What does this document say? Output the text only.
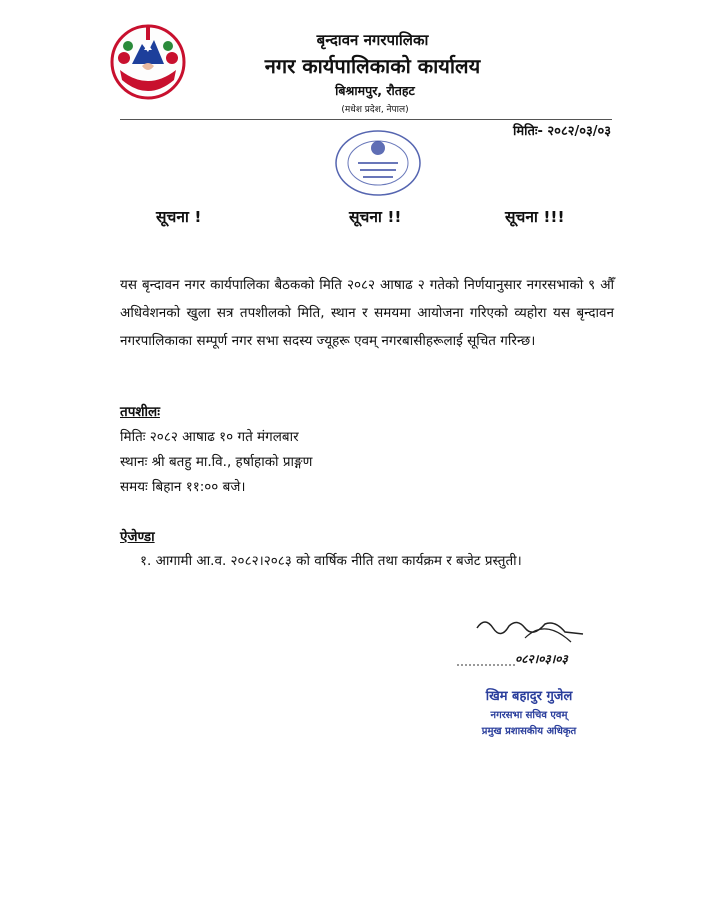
बृन्दावन नगरपालिका
नगर कार्यपालिकाको कार्यालय
बिश्रामपुर, रौतहट
(मधेश प्रदेश, नेपाल)
मितिः- २०८२/०३/०३
सूचना !	सूचना !!	सूचना !!!
यस बृन्दावन नगर कार्यपालिका बैठकको मिति २०८२ आषाढ २ गतेको निर्णयानुसार नगरसभाको ९ औँ अधिवेशनको खुला सत्र तपशीलको मिति, स्थान र समयमा आयोजना गरिएको व्यहोरा यस बृन्दावन नगरपालिकाका सम्पूर्ण नगर सभा सदस्य ज्यूहरू एवम् नगरबासीहरूलाई सूचित गरिन्छ।
तपशीलः
मितिः २०८२ आषाढ १० गते मंगलबार
स्थानः श्री बतहु मा.वि., हर्षाहाको प्राङ्गण
समयः बिहान ११:०० बजे।
ऐजेण्डा
१. आगामी आ.व. २०८२।२०८३ को वार्षिक नीति तथा कार्यक्रम र बजेट प्रस्तुती।
०८२।०३।०३
खिम बहादुर गुजेल
नगरसभा सचिव एवम्
प्रमुख प्रशासकीय अधिकृत
